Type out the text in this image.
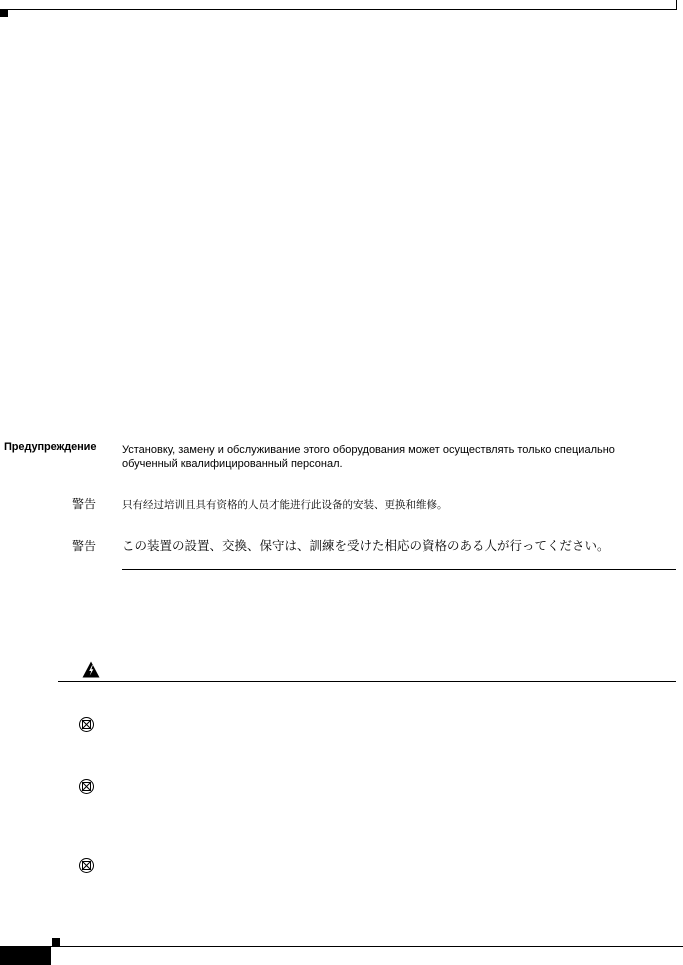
Предупреждение Установку, замену и обслуживание этого оборудования может осуществлять только специально
обученный квалифицированный персонал.
警告 只有经过培训且具有资格的人员才能进行此设备的安装、更换和维修。
警告 この装置の設置、交換、保守は、訓練を受けた相応の資格のある人が行ってください。
